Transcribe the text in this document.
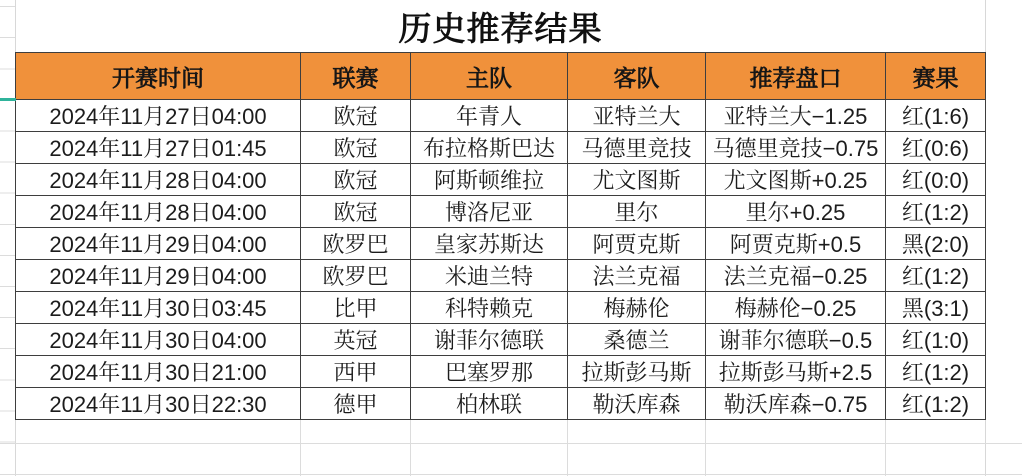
历史推荐结果
开赛时间	联赛	主队	客队	推荐盘口	赛果
2024年11月27日04:00	欧冠	年青人	亚特兰大	亚特兰大−1.25	红(1:6)
2024年11月27日01:45	欧冠	布拉格斯巴达	马德里竞技	马德里竞技−0.75	红(0:6)
2024年11月28日04:00	欧冠	阿斯顿维拉	尤文图斯	尤文图斯+0.25	红(0:0)
2024年11月28日04:00	欧冠	博洛尼亚	里尔	里尔+0.25	红(1:2)
2024年11月29日04:00	欧罗巴	皇家苏斯达	阿贾克斯	阿贾克斯+0.5	黑(2:0)
2024年11月29日04:00	欧罗巴	米迪兰特	法兰克福	法兰克福−0.25	红(1:2)
2024年11月30日03:45	比甲	科特赖克	梅赫伦	梅赫伦−0.25	黑(3:1)
2024年11月30日04:00	英冠	谢菲尔德联	桑德兰	谢菲尔德联−0.5	红(1:0)
2024年11月30日21:00	西甲	巴塞罗那	拉斯彭马斯	拉斯彭马斯+2.5	红(1:2)
2024年11月30日22:30	德甲	柏林联	勒沃库森	勒沃库森−0.75	红(1:2)
